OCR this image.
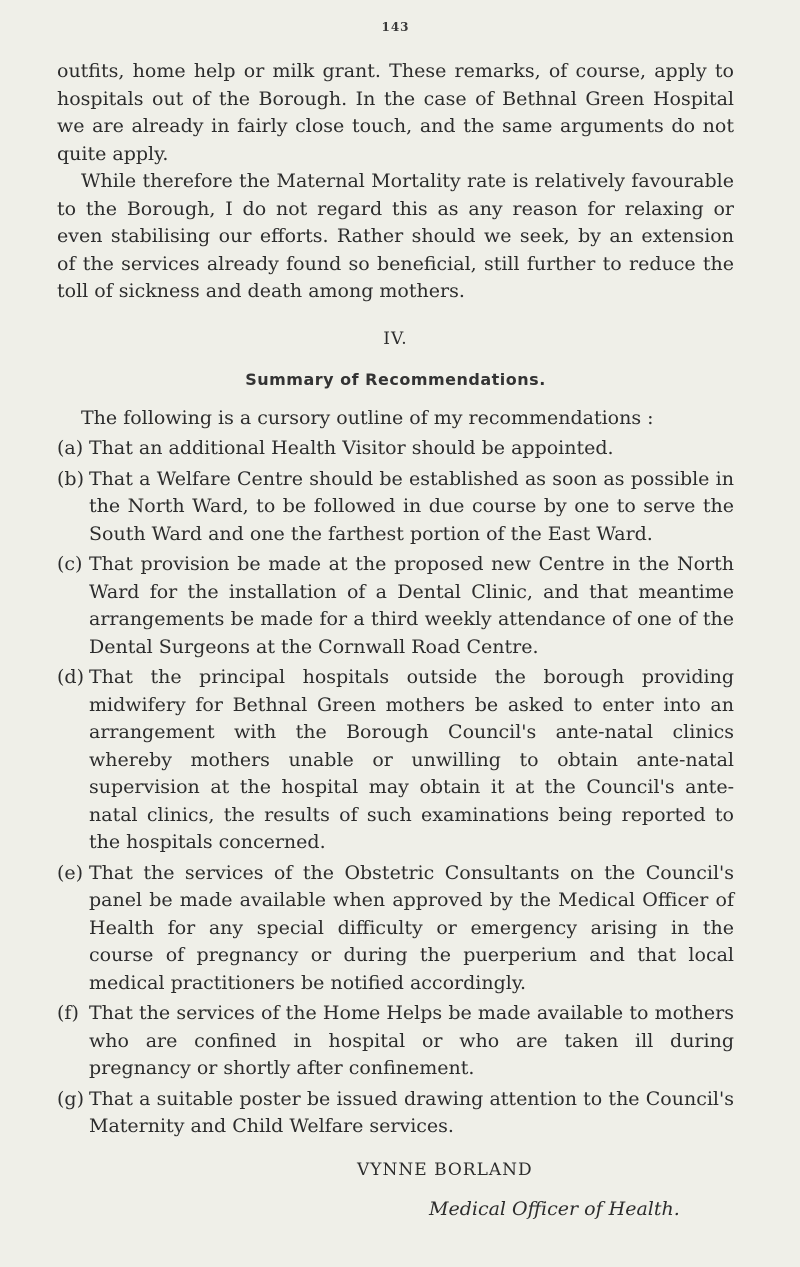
143

outfits, home help or milk grant. These remarks, of course, apply to hospitals out of the Borough. In the case of Bethnal Green Hospital we are already in fairly close touch, and the same arguments do not quite apply.

While therefore the Maternal Mortality rate is relatively favourable to the Borough, I do not regard this as any reason for relaxing or even stabilising our efforts. Rather should we seek, by an extension of the services already found so beneficial, still further to reduce the toll of sickness and death among mothers.

IV.
Summary of Recommendations.

The following is a cursory outline of my recommendations :

(a) That an additional Health Visitor should be appointed.

(b) That a Welfare Centre should be established as soon as possible in the North Ward, to be followed in due course by one to serve the South Ward and one the farthest portion of the East Ward.

(c) That provision be made at the proposed new Centre in the North Ward for the installation of a Dental Clinic, and that meantime arrangements be made for a third weekly attendance of one of the Dental Surgeons at the Cornwall Road Centre.

(d) That the principal hospitals outside the borough providing midwifery for Bethnal Green mothers be asked to enter into an arrangement with the Borough Council's ante-natal clinics whereby mothers unable or unwilling to obtain ante-natal supervision at the hospital may obtain it at the Council's ante-natal clinics, the results of such examinations being reported to the hospitals concerned.

(e) That the services of the Obstetric Consultants on the Council's panel be made available when approved by the Medical Officer of Health for any special difficulty or emergency arising in the course of pregnancy or during the puerperium and that local medical practitioners be notified accordingly.

(f) That the services of the Home Helps be made available to mothers who are confined in hospital or who are taken ill during pregnancy or shortly after confinement.

(g) That a suitable poster be issued drawing attention to the Council's Maternity and Child Welfare services.

VYNNE BORLAND
Medical Officer of Health.
